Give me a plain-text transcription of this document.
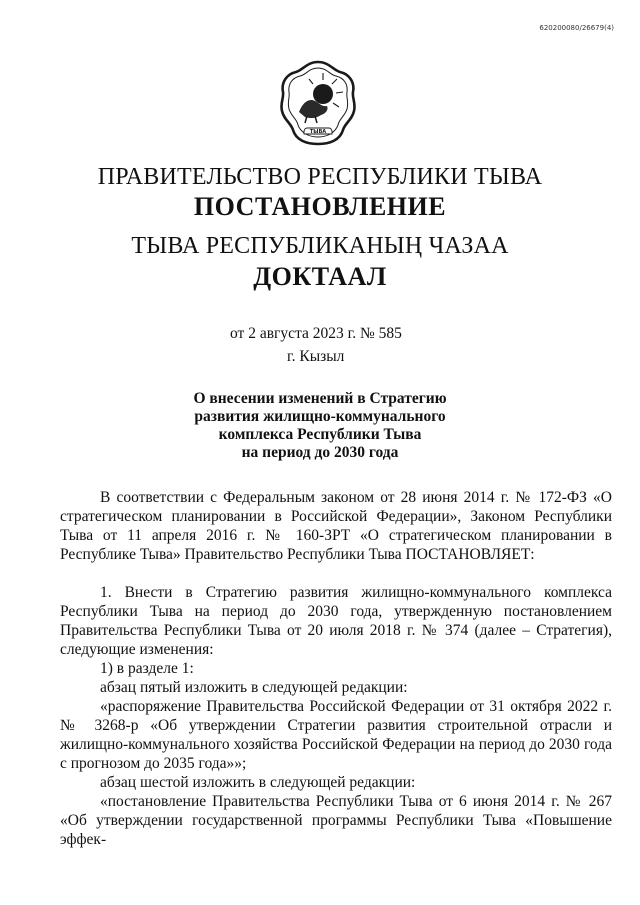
620200080/26679(4)
ТЫВА
ПРАВИТЕЛЬСТВО РЕСПУБЛИКИ ТЫВА
ПОСТАНОВЛЕНИЕ
ТЫВА РЕСПУБЛИКАНЫҢ ЧАЗАА
ДОКТААЛ
от 2 августа 2023 г. № 585
г. Кызыл
О внесении изменений в Стратегию
развития жилищно-коммунального
комплекса Республики Тыва
на период до 2030 года

В соответствии с Федеральным законом от 28 июня 2014 г. № 172-ФЗ «О стратегическом планировании в Российской Федерации», Законом Республики Тыва от 11 апреля 2016 г. № 160-ЗРТ «О стратегическом планировании в Республике Тыва» Правительство Республики Тыва ПОСТАНОВЛЯЕТ:

1. Внести в Стратегию развития жилищно-коммунального комплекса Республики Тыва на период до 2030 года, утвержденную постановлением Правительства Республики Тыва от 20 июля 2018 г. № 374 (далее – Стратегия), следующие изменения:

1) в разделе 1:

абзац пятый изложить в следующей редакции:

«распоряжение Правительства Российской Федерации от 31 октября 2022 г. № 3268-р «Об утверждении Стратегии развития строительной отрасли и жилищно-коммунального хозяйства Российской Федерации на период до 2030 года с прогнозом до 2035 года»»;

абзац шестой изложить в следующей редакции:

«постановление Правительства Республики Тыва от 6 июня 2014 г. № 267 «Об утверждении государственной программы Республики Тыва «Повышение эффек-
